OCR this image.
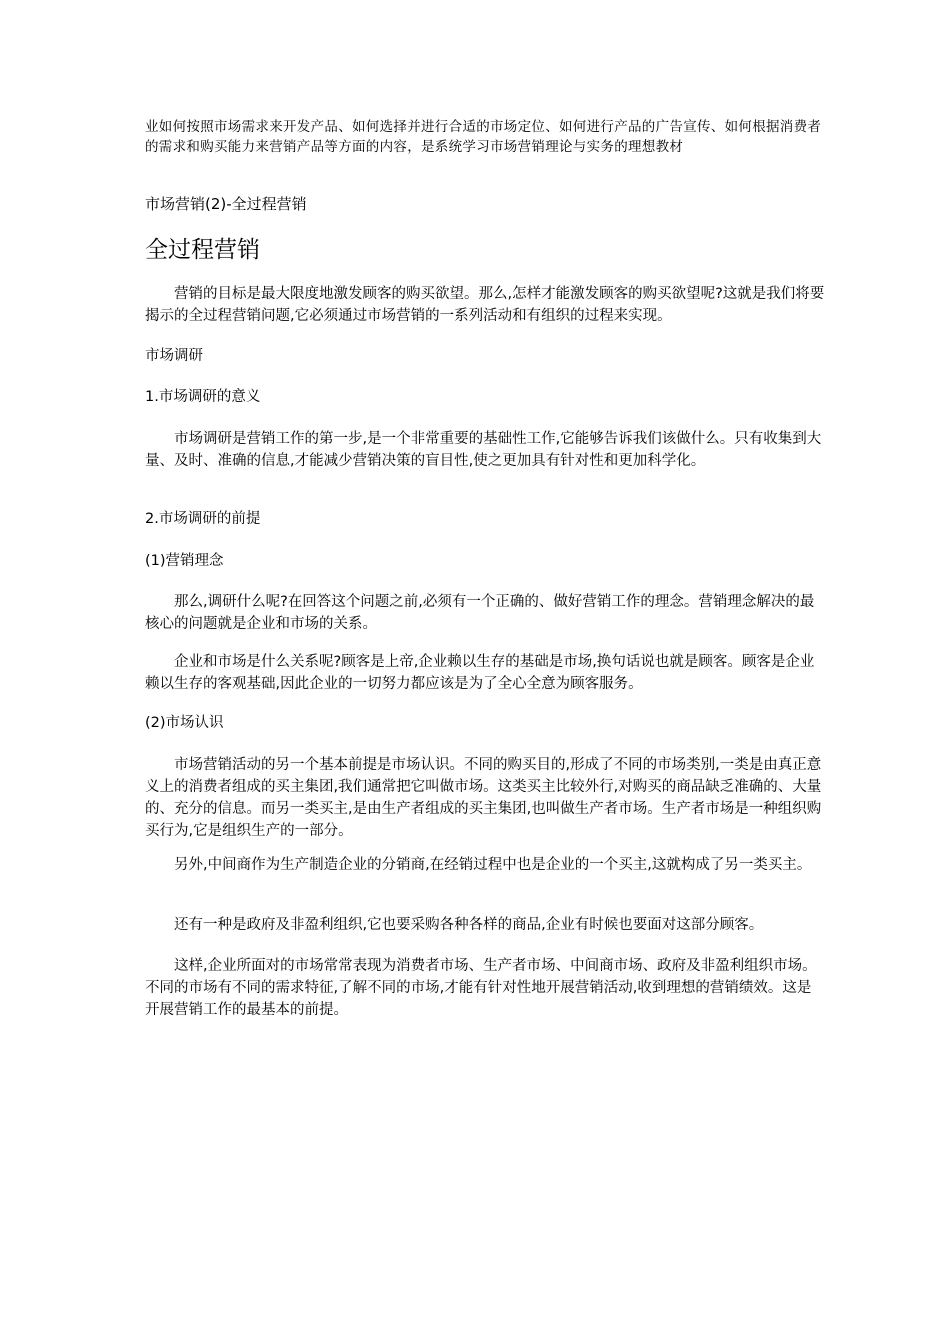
业如何按照市场需求来开发产品、如何选择并进行合适的市场定位、如何进行产品的广告宣传、如何根据消费者的需求和购买能力来营销产品等方面的内容，是系统学习市场营销理论与实务的理想教材

市场营销(2)-全过程营销

全过程营销

营销的目标是最大限度地激发顾客的购买欲望。那么,怎样才能激发顾客的购买欲望呢?这就是我们将要揭示的全过程营销问题,它必须通过市场营销的一系列活动和有组织的过程来实现。

市场调研

1.市场调研的意义

市场调研是营销工作的第一步,是一个非常重要的基础性工作,它能够告诉我们该做什么。只有收集到大量、及时、准确的信息,才能减少营销决策的盲目性,使之更加具有针对性和更加科学化。

2.市场调研的前提

(1)营销理念

那么,调研什么呢?在回答这个问题之前,必须有一个正确的、做好营销工作的理念。营销理念解决的最核心的问题就是企业和市场的关系。

企业和市场是什么关系呢?顾客是上帝,企业赖以生存的基础是市场,换句话说也就是顾客。顾客是企业赖以生存的客观基础,因此企业的一切努力都应该是为了全心全意为顾客服务。

(2)市场认识

市场营销活动的另一个基本前提是市场认识。不同的购买目的,形成了不同的市场类别,一类是由真正意义上的消费者组成的买主集团,我们通常把它叫做市场。这类买主比较外行,对购买的商品缺乏准确的、大量的、充分的信息。而另一类买主,是由生产者组成的买主集团,也叫做生产者市场。生产者市场是一种组织购买行为,它是组织生产的一部分。

另外,中间商作为生产制造企业的分销商,在经销过程中也是企业的一个买主,这就构成了另一类买主。

还有一种是政府及非盈利组织,它也要采购各种各样的商品,企业有时候也要面对这部分顾客。

这样,企业所面对的市场常常表现为消费者市场、生产者市场、中间商市场、政府及非盈利组织市场。不同的市场有不同的需求特征,了解不同的市场,才能有针对性地开展营销活动,收到理想的营销绩效。这是开展营销工作的最基本的前提。
